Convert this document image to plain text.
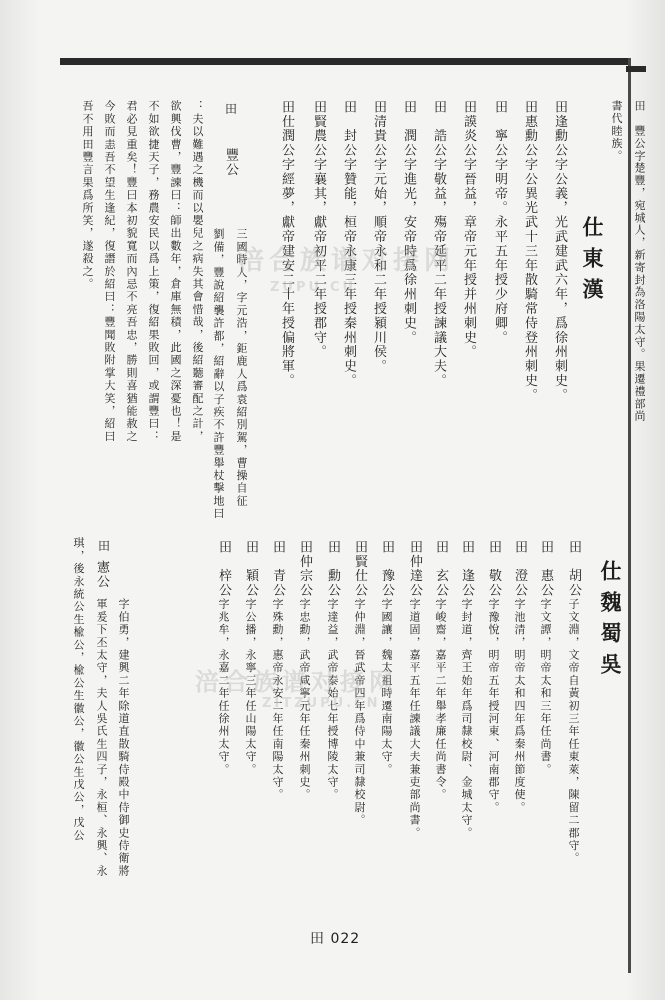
田　豐公字楚豐，宛城人，新寄封為洛陽太守。果遷禮部尚
書代睦族。
仕東漢
田逢勳公字公義，光武建武六年，爲徐州刺史。
田惠勳公字公異光武十三年散騎常侍登州刺史。
田　寧公字明帝。永平五年授少府卿。
田謨炎公字晉益，章帝元年授并州刺史。
田　誥公字敬益，殤帝延平二年授諫議大夫。
田　潤公字進光，安帝時爲徐州刺史。
田清貴公字元始，順帝永和二年授潁川侯。
田　封公字贊能，桓帝永康三年授秦州刺史。
田賢農公字襄其，獻帝初平二年授郡守。
田仕潤公字經夢，獻帝建安二十年授偏將軍。
田
豐公
三國時人，字元浩，鉅鹿人爲袁紹別駕，曹操自征
劉備，豐說紹襲許都，紹辭以子疾不許豐舉杖擊地曰
：夫以難遇之機而以嬰兒之病失其會惜哉，後紹聽審配之計，
欲興伐曹，豐諫曰：師出數年，倉庫無積，此國之深憂也！是
不如欲捷天子，務農安民以爲上策，復紹果敗回，或謂豐曰：
君必見重矣！豐曰本初貌寬而內忌不亮吾忠，勝則喜猶能赦之
今敗而恚吾不望生逢紀，復譖於紹曰：豐聞敗附掌大笑，紹曰
吾不用田豐言果爲所笑，遂殺之。
仕魏蜀吳
田　胡公
子文淵，文帝自黃初三年任東萊，陳留二郡守。
田　惠公
字文譚，明帝太和三年任尚書。
田　澄公
字池清，明帝太和四年爲秦州節度使。
田　敬公
字豫悅，明帝五年授河東、河南郡守。
田　逢公
字封道，齊王始年爲司隸校尉、金城太守。
田　玄公
字峻齋，嘉平二年舉孝廉任尚書令。
田仲達公
字道固，嘉平五年任諫議大夫兼吏部尚書。
田　豫公
字國讓，魏太祖時遷南陽太守。
田賢仕公
字仲淵，晉武帝四年爲侍中兼司隸校尉。
田　勳公
字達益，武帝泰始七年授博陵太守。
田仲宗公
字忠勳，武帝咸寧元年任秦州刺史。
田　青公
字殊勳，惠帝永安二年任南陽太守。
田　穎公
字公播，永寧三年任山陽太守。
田　梓公
字兆牟，永嘉二年任徐州太守。
田
憲公
字伯勇，建興二年除道直散騎侍殿中侍御史侍衛將
軍爰下丕太守，夫人吳氏生四子，永桓、永興、永
琪，後永統公生楡公，楡公生徽公，徽公生戊公，戊公
涪合族谱对接网
ZUPU.CU
涪合族谱对接网
ZITZUPU.CN
田 022
